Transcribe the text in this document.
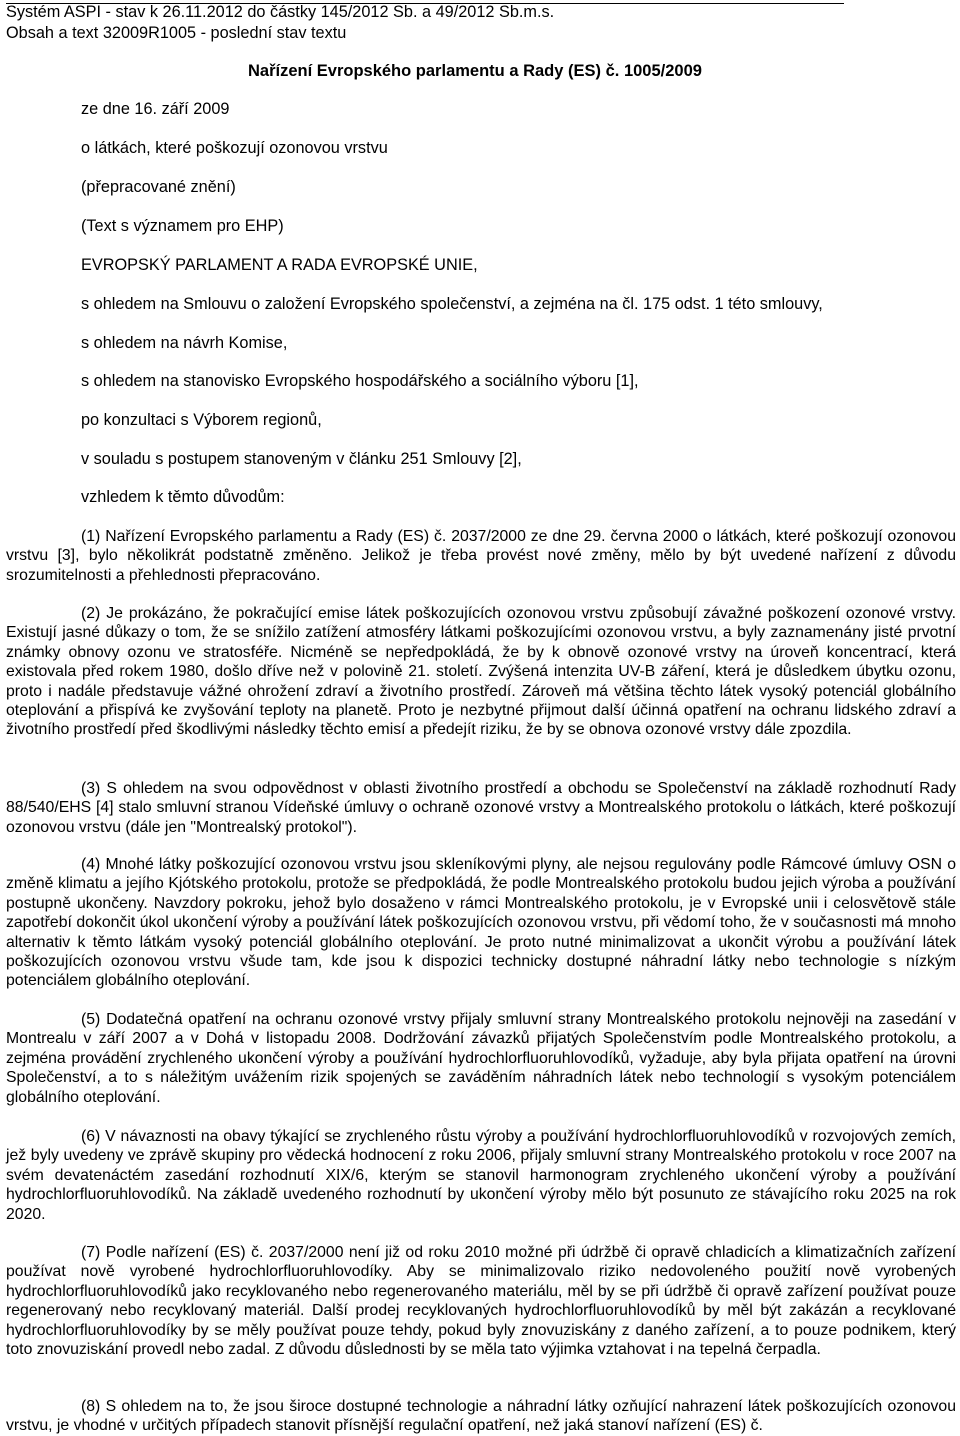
Systém ASPI - stav k 26.11.2012 do částky 145/2012 Sb. a 49/2012 Sb.m.s.
Obsah a text 32009R1005 - poslední stav textu
Nařízení Evropského parlamentu a Rady (ES) č. 1005/2009
ze dne 16. září 2009
o látkách, které poškozují ozonovou vrstvu
(přepracované znění)
(Text s významem pro EHP)
EVROPSKÝ PARLAMENT A RADA EVROPSKÉ UNIE,
s ohledem na Smlouvu o založení Evropského společenství, a zejména na čl. 175 odst. 1 této smlouvy,
s ohledem na návrh Komise,
s ohledem na stanovisko Evropského hospodářského a sociálního výboru [1],
po konzultaci s Výborem regionů,
v souladu s postupem stanoveným v článku 251 Smlouvy [2],
vzhledem k těmto důvodům:
(1) Nařízení Evropského parlamentu a Rady (ES) č. 2037/2000 ze dne 29. června 2000 o látkách, které poškozují ozonovou vrstvu [3], bylo několikrát podstatně změněno. Jelikož je třeba provést nové změny, mělo by být uvedené nařízení z důvodu srozumitelnosti a přehlednosti přepracováno.
(2) Je prokázáno, že pokračující emise látek poškozujících ozonovou vrstvu způsobují závažné poškození ozonové vrstvy. Existují jasné důkazy o tom, že se snížilo zatížení atmosféry látkami poškozujícími ozonovou vrstvu, a byly zaznamenány jisté prvotní známky obnovy ozonu ve stratosféře. Nicméně se nepředpokládá, že by k obnově ozonové vrstvy na úroveň koncentrací, která existovala před rokem 1980, došlo dříve než v polovině 21. století. Zvýšená intenzita UV-B záření, která je důsledkem úbytku ozonu, proto i nadále představuje vážné ohrožení zdraví a životního prostředí. Zároveň má většina těchto látek vysoký potenciál globálního oteplování a přispívá ke zvyšování teploty na planetě. Proto je nezbytné přijmout další účinná opatření na ochranu lidského zdraví a životního prostředí před škodlivými následky těchto emisí a předejít riziku, že by se obnova ozonové vrstvy dále zpozdila.
(3) S ohledem na svou odpovědnost v oblasti životního prostředí a obchodu se Společenství na základě rozhodnutí Rady 88/540/EHS [4] stalo smluvní stranou Vídeňské úmluvy o ochraně ozonové vrstvy a Montrealského protokolu o látkách, které poškozují ozonovou vrstvu (dále jen "Montrealský protokol").
(4) Mnohé látky poškozující ozonovou vrstvu jsou skleníkovými plyny, ale nejsou regulovány podle Rámcové úmluvy OSN o změně klimatu a jejího Kjótského protokolu, protože se předpokládá, že podle Montrealského protokolu budou jejich výroba a používání postupně ukončeny. Navzdory pokroku, jehož bylo dosaženo v rámci Montrealského protokolu, je v Evropské unii i celosvětově stále zapotřebí dokončit úkol ukončení výroby a používání látek poškozujících ozonovou vrstvu, při vědomí toho, že v současnosti má mnoho alternativ k těmto látkám vysoký potenciál globálního oteplování. Je proto nutné minimalizovat a ukončit výrobu a používání látek poškozujících ozonovou vrstvu všude tam, kde jsou k dispozici technicky dostupné náhradní látky nebo technologie s nízkým potenciálem globálního oteplování.
(5) Dodatečná opatření na ochranu ozonové vrstvy přijaly smluvní strany Montrealského protokolu nejnověji na zasedání v Montrealu v září 2007 a v Dohá v listopadu 2008. Dodržování závazků přijatých Společenstvím podle Montrealského protokolu, a zejména provádění zrychleného ukončení výroby a používání hydrochlorfluoruhlovodíků, vyžaduje, aby byla přijata opatření na úrovni Společenství, a to s náležitým uvážením rizik spojených se zaváděním náhradních látek nebo technologií s vysokým potenciálem globálního oteplování.
(6) V návaznosti na obavy týkající se zrychleného růstu výroby a používání hydrochlorfluoruhlovodíků v rozvojových zemích, jež byly uvedeny ve zprávě skupiny pro vědecká hodnocení z roku 2006, přijaly smluvní strany Montrealského protokolu v roce 2007 na svém devatenáctém zasedání rozhodnutí XIX/6, kterým se stanovil harmonogram zrychleného ukončení výroby a používání hydrochlorfluoruhlovodíků. Na základě uvedeného rozhodnutí by ukončení výroby mělo být posunuto ze stávajícího roku 2025 na rok 2020.
(7) Podle nařízení (ES) č. 2037/2000 není již od roku 2010 možné při údržbě či opravě chladicích a klimatizačních zařízení používat nově vyrobené hydrochlorfluoruhlovodíky. Aby se minimalizovalo riziko nedovoleného použití nově vyrobených hydrochlorfluoruhlovodíků jako recyklovaného nebo regenerovaného materiálu, měl by se při údržbě či opravě zařízení používat pouze regenerovaný nebo recyklovaný materiál. Další prodej recyklovaných hydrochlorfluoruhlovodíků by měl být zakázán a recyklované hydrochlorfluoruhlovodíky by se měly používat pouze tehdy, pokud byly znovuziskány z daného zařízení, a to pouze podnikem, který toto znovuziskání provedl nebo zadal. Z důvodu důslednosti by se měla tato výjimka vztahovat i na tepelná čerpadla.
(8) S ohledem na to, že jsou široce dostupné technologie a náhradní látky ozňující nahrazení látek poškozujících ozonovou vrstvu, je vhodné v určitých případech stanovit přísnější regulační opatření, než jaká stanoví nařízení (ES) č.
